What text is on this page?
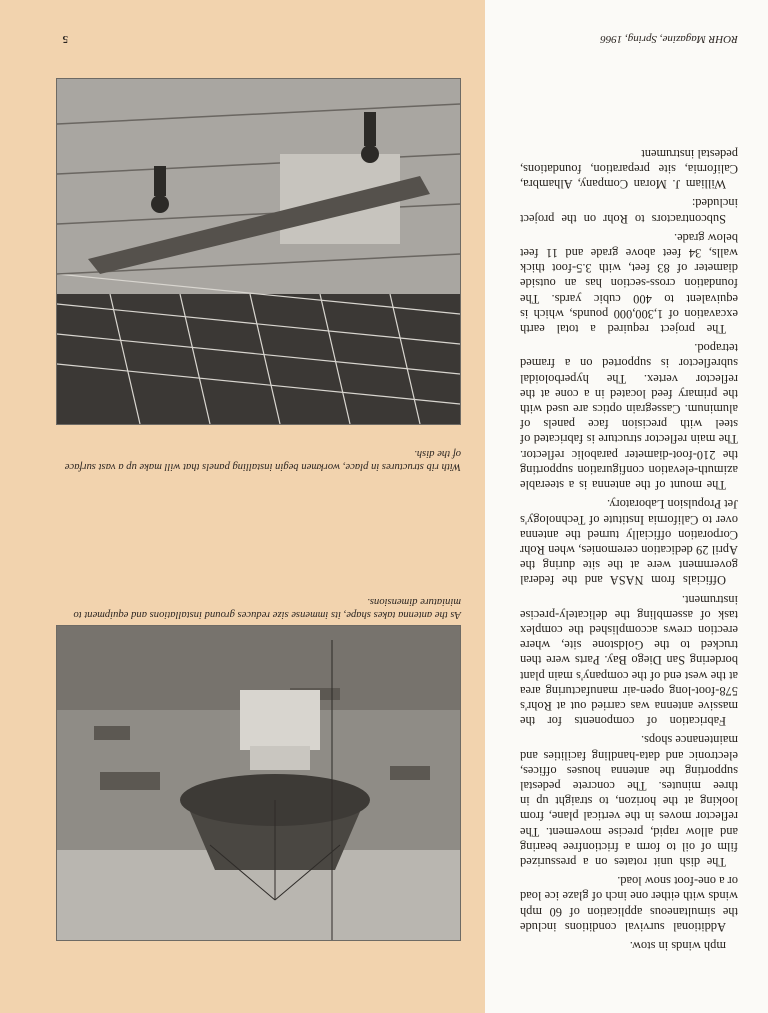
ROHR Magazine, Spring, 1966
5

mph winds in stow.

Additional survival conditions include the simultaneous application of 60 mph winds with either one inch of glaze ice load or a one-foot snow load.

The dish unit rotates on a pressurized film of oil to form a frictionfree bearing and allow rapid, precise movement. The reflector moves in the vertical plane, from looking at the horizon, to straight up in three minutes. The concrete pedestal supporting the antenna houses offices, electronic and data-handling facilities and maintenance shops.

Fabrication of components for the massive antenna was carried out at Rohr's 578-foot-long open-air manufacturing area at the west end of the company's main plant bordering San Diego Bay. Parts were then trucked to the Goldstone site, where erection crews accomplished the complex task of assembling the delicately-precise instrument.

Officials from NASA and the federal government were at the site during the April 29 dedication ceremonies, when Rohr Corporation officially turned the antenna over to California Institute of Technology's Jet Propulsion Laboratory.

The mount of the antenna is a steerable azimuth-elevation configuration supporting the 210-foot-diameter parabolic reflector. The main reflector structure is fabricated of steel with precision face panels of aluminum. Cassegrain optics are used with the primary feed located in a cone at the reflector vertex. The hyperboloidal subreflector is supported on a framed tetrapod.

The project required a total earth excavation of 1,300,000 pounds, which is equivalent to 400 cubic yards. The foundation cross-section has an outside diameter of 83 feet, with 3.5-foot thick walls, 34 feet above grade and 11 feet below grade.

Subcontractors to Rohr on the project included:

William J. Moran Company, Alhambra, California, site preparation, foundations, pedestal instrument

As the antenna takes shape, its immense size reduces ground installations and equipment to miniature dimensions.
With rib structures in place, workmen begin installing panels that will make up a vast surface of the dish.
